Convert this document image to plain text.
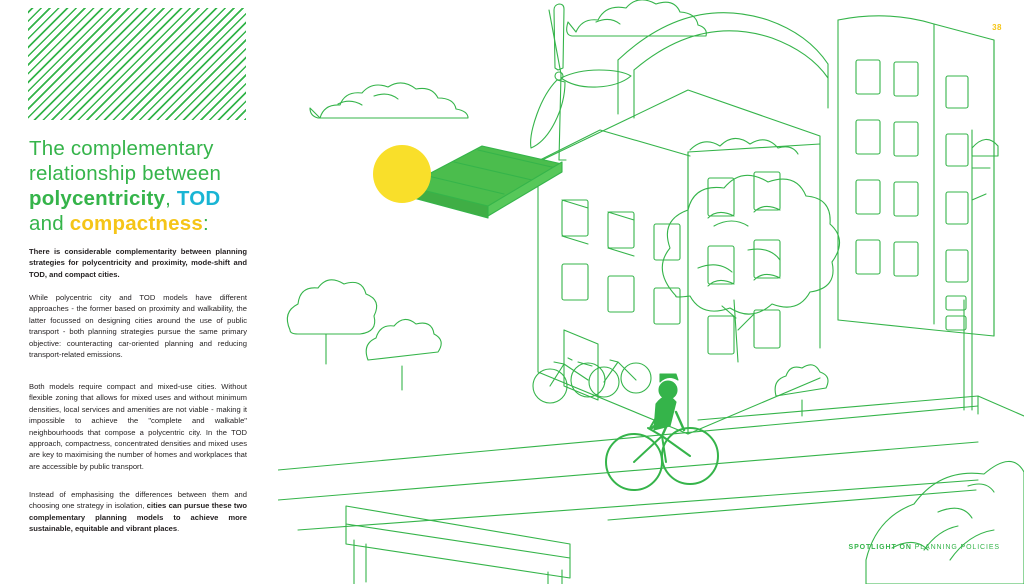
38
The complementary
relationship between
polycentricity, TOD
and compactness:
There is considerable complementarity between planning strategies for polycentricity and proximity, mode-shift and TOD, and compact cities.
While polycentric city and TOD models have different approaches - the former based on proximity and walkability, the latter focussed on designing cities around the use of public transport - both planning strategies pursue the same primary objective: counteracting car-oriented planning and reducing transport-related emissions.
Both models require compact and mixed-use cities. Without flexible zoning that allows for mixed uses and without minimum densities, local services and amenities are not viable - making it impossible to achieve the "complete and walkable" neighbourhoods that compose a polycentric city. In the TOD approach, compactness, concentrated densities and mixed uses are key to maximising the number of homes and workplaces that are accessible by public transport.
Instead of emphasising the differences between them and choosing one strategy in isolation, cities can pursue these two complementary planning models to achieve more sustainable, equitable and vibrant places.
SPOTLIGHT ON PLANNING POLICIES
